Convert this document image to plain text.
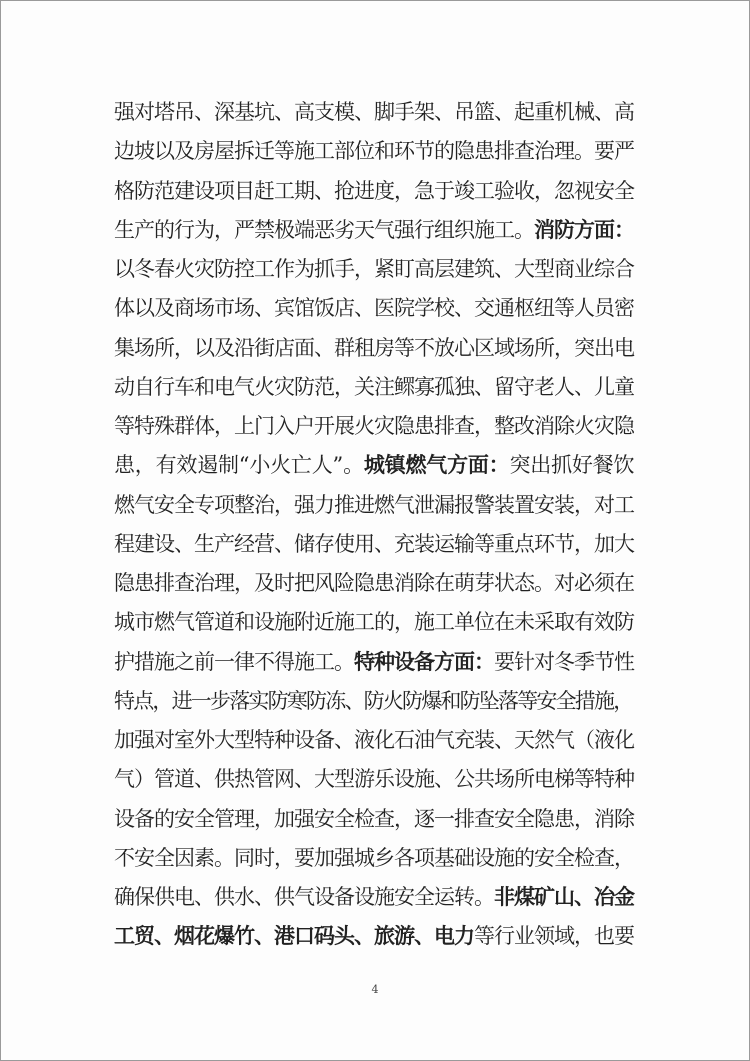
强对塔吊、深基坑、高支模、脚手架、吊篮、起重机械、高
边坡以及房屋拆迁等施工部位和环节的隐患排查治理。要严
格防范建设项目赶工期、抢进度，急于竣工验收，忽视安全
生产的行为，严禁极端恶劣天气强行组织施工。消防方面：
以冬春火灾防控工作为抓手，紧盯高层建筑、大型商业综合
体以及商场市场、宾馆饭店、医院学校、交通枢纽等人员密
集场所，以及沿街店面、群租房等不放心区域场所，突出电
动自行车和电气火灾防范，关注鳏寡孤独、留守老人、儿童
等特殊群体，上门入户开展火灾隐患排查，整改消除火灾隐
患，有效遏制“小火亡人”。城镇燃气方面：突出抓好餐饮
燃气安全专项整治，强力推进燃气泄漏报警装置安装，对工
程建设、生产经营、储存使用、充装运输等重点环节，加大
隐患排查治理，及时把风险隐患消除在萌芽状态。对必须在
城市燃气管道和设施附近施工的，施工单位在未采取有效防
护措施之前一律不得施工。特种设备方面：要针对冬季节性
特点，进一步落实防寒防冻、防火防爆和防坠落等安全措施，
加强对室外大型特种设备、液化石油气充装、天然气（液化
气）管道、供热管网、大型游乐设施、公共场所电梯等特种
设备的安全管理，加强安全检查，逐一排查安全隐患，消除
不安全因素。同时，要加强城乡各项基础设施的安全检查，
确保供电、供水、供气设备设施安全运转。非煤矿山、冶金
工贸、烟花爆竹、港口码头、旅游、电力等行业领域，也要
4
